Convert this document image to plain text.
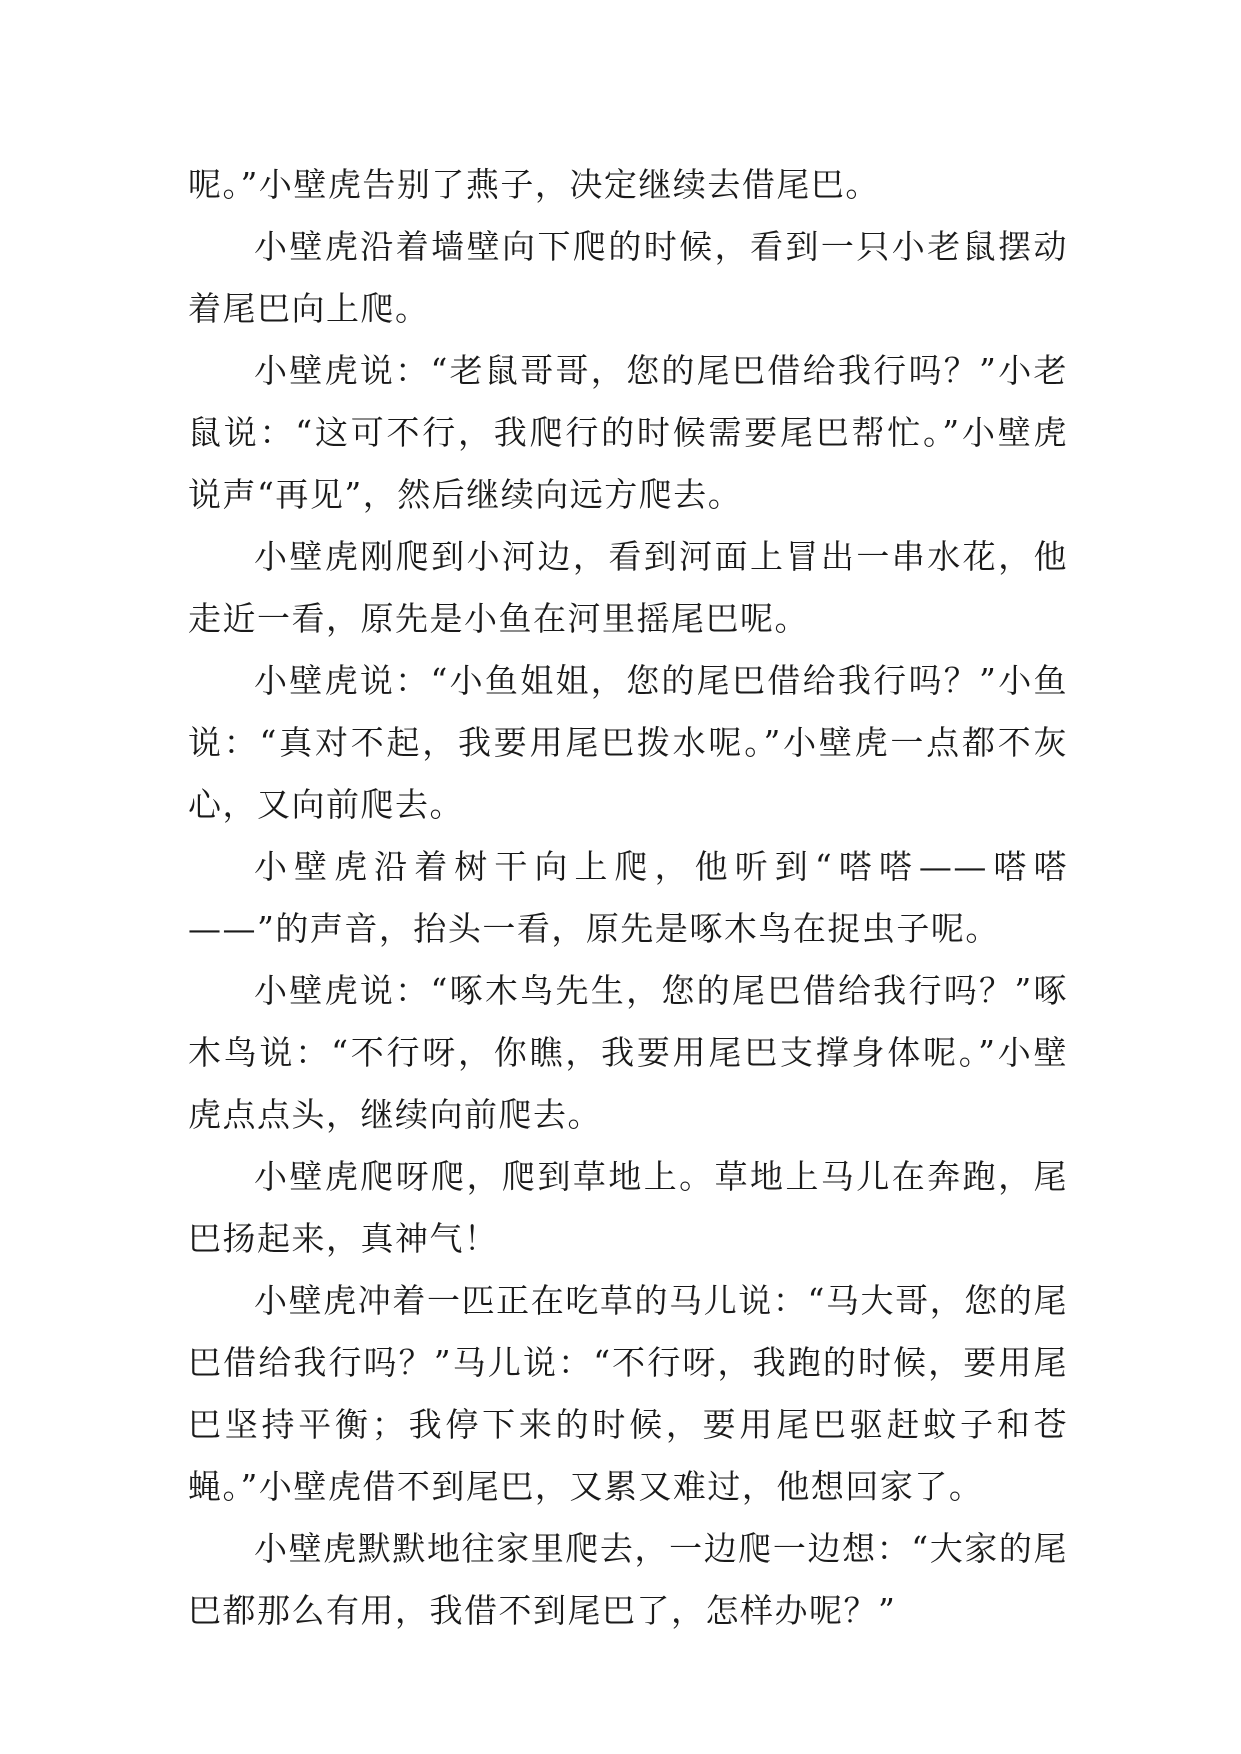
呢。”小壁虎告别了燕子，决定继续去借尾巴。

小壁虎沿着墙壁向下爬的时候，看到一只小老鼠摆动着尾巴向上爬。

小壁虎说：“老鼠哥哥，您的尾巴借给我行吗？”小老鼠说：“这可不行，我爬行的时候需要尾巴帮忙。”小壁虎说声“再见”，然后继续向远方爬去。

小壁虎刚爬到小河边，看到河面上冒出一串水花，他走近一看，原先是小鱼在河里摇尾巴呢。

小壁虎说：“小鱼姐姐，您的尾巴借给我行吗？”小鱼说：“真对不起，我要用尾巴拨水呢。”小壁虎一点都不灰心，又向前爬去。

小壁虎沿着树干向上爬，他听到“嗒嗒——嗒嗒——”的声音，抬头一看，原先是啄木鸟在捉虫子呢。

小壁虎说：“啄木鸟先生，您的尾巴借给我行吗？”啄木鸟说：“不行呀，你瞧，我要用尾巴支撑身体呢。”小壁虎点点头，继续向前爬去。

小壁虎爬呀爬，爬到草地上。草地上马儿在奔跑，尾巴扬起来，真神气！

小壁虎冲着一匹正在吃草的马儿说：“马大哥，您的尾巴借给我行吗？”马儿说：“不行呀，我跑的时候，要用尾巴坚持平衡；我停下来的时候，要用尾巴驱赶蚊子和苍蝇。”小壁虎借不到尾巴，又累又难过，他想回家了。

小壁虎默默地往家里爬去，一边爬一边想：“大家的尾巴都那么有用，我借不到尾巴了，怎样办呢？”
